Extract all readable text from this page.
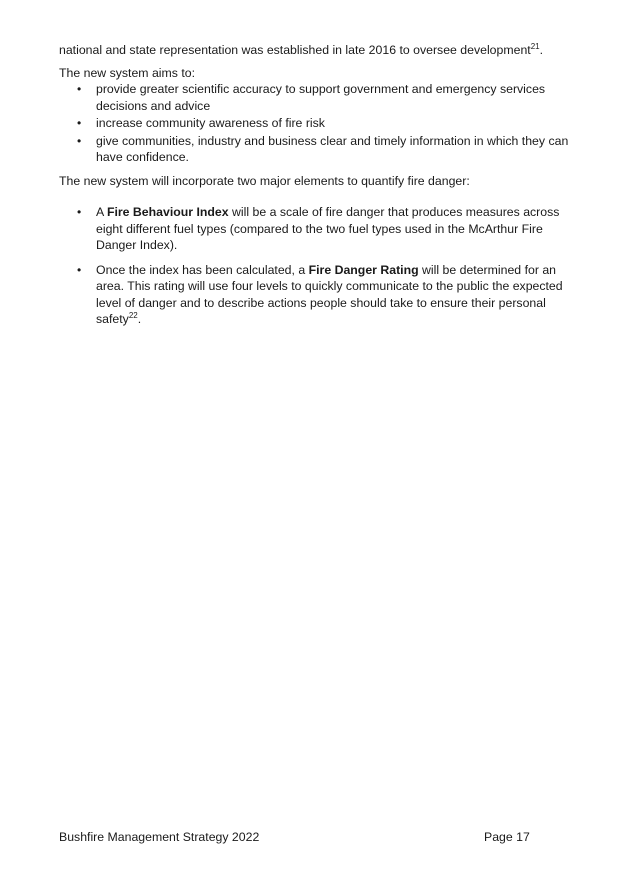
national and state representation was established in late 2016 to oversee development$^{21}$.

The new system aims to:

•	provide greater scientific accuracy to support government and emergency services decisions and advice
•	increase community awareness of fire risk
•	give communities, industry and business clear and timely information in which they can have confidence.

The new system will incorporate two major elements to quantify fire danger:

•	A Fire Behaviour Index will be a scale of fire danger that produces measures across eight different fuel types (compared to the two fuel types used in the McArthur Fire Danger Index).
•	Once the index has been calculated, a Fire Danger Rating will be determined for an area. This rating will use four levels to quickly communicate to the public the expected level of danger and to describe actions people should take to ensure their personal safety$^{22}$.
Bushfire Management Strategy 2022	Page 17
